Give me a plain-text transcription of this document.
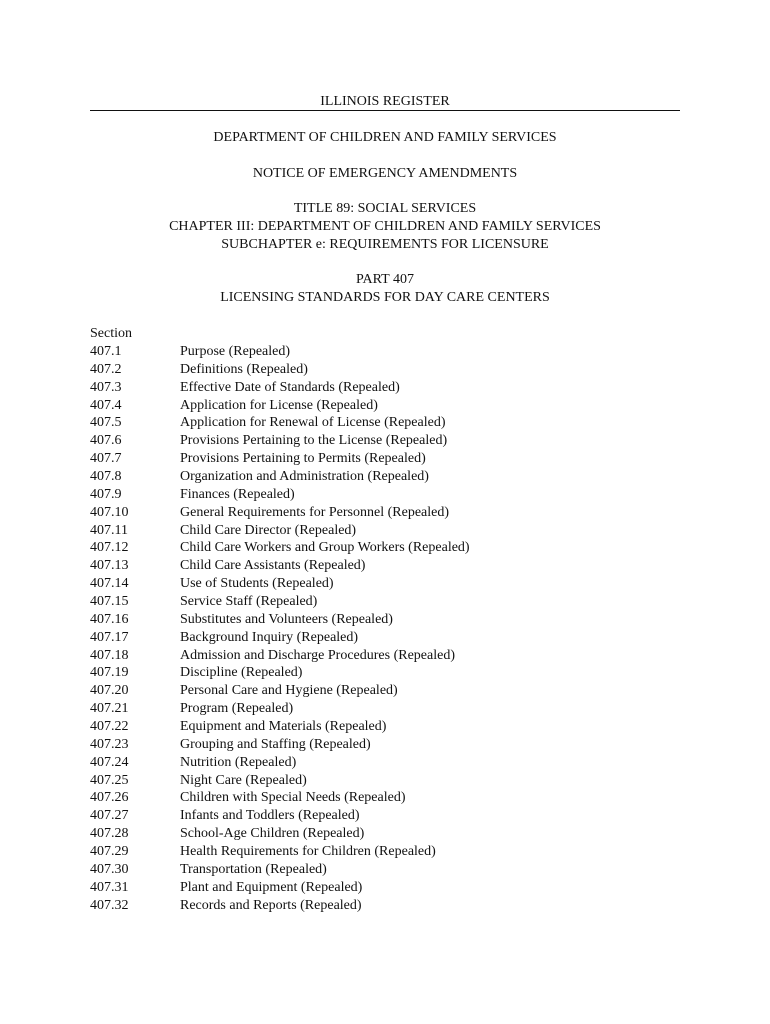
ILLINOIS REGISTER
DEPARTMENT OF CHILDREN AND FAMILY SERVICES
NOTICE OF EMERGENCY AMENDMENTS
TITLE 89: SOCIAL SERVICES
CHAPTER III: DEPARTMENT OF CHILDREN AND FAMILY SERVICES
SUBCHAPTER e: REQUIREMENTS FOR LICENSURE
PART 407
LICENSING STANDARDS FOR DAY CARE CENTERS
Section
407.1	Purpose (Repealed)
407.2	Definitions (Repealed)
407.3	Effective Date of Standards (Repealed)
407.4	Application for License (Repealed)
407.5	Application for Renewal of License (Repealed)
407.6	Provisions Pertaining to the License (Repealed)
407.7	Provisions Pertaining to Permits (Repealed)
407.8	Organization and Administration (Repealed)
407.9	Finances (Repealed)
407.10	General Requirements for Personnel (Repealed)
407.11	Child Care Director (Repealed)
407.12	Child Care Workers and Group Workers (Repealed)
407.13	Child Care Assistants (Repealed)
407.14	Use of Students (Repealed)
407.15	Service Staff (Repealed)
407.16	Substitutes and Volunteers (Repealed)
407.17	Background Inquiry (Repealed)
407.18	Admission and Discharge Procedures (Repealed)
407.19	Discipline (Repealed)
407.20	Personal Care and Hygiene (Repealed)
407.21	Program (Repealed)
407.22	Equipment and Materials (Repealed)
407.23	Grouping and Staffing (Repealed)
407.24	Nutrition (Repealed)
407.25	Night Care (Repealed)
407.26	Children with Special Needs (Repealed)
407.27	Infants and Toddlers (Repealed)
407.28	School-Age Children (Repealed)
407.29	Health Requirements for Children (Repealed)
407.30	Transportation (Repealed)
407.31	Plant and Equipment (Repealed)
407.32	Records and Reports (Repealed)
